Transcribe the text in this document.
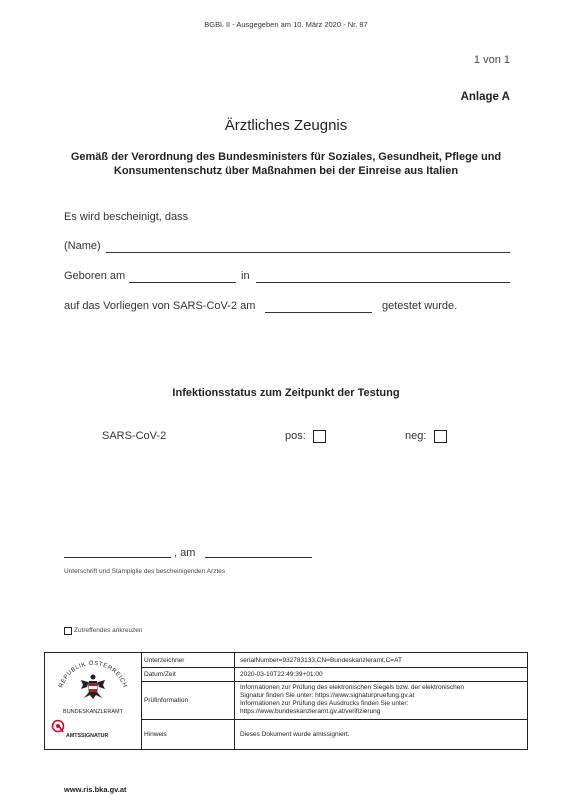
BGBl. II - Ausgegeben am 10. März 2020 - Nr. 87
1 von 1
Anlage A
Ärztliches Zeugnis
Gemäß der Verordnung des Bundesministers für Soziales, Gesundheit, Pflege und
Konsumentenschutz über Maßnahmen bei der Einreise aus Italien
Es wird bescheinigt, dass
(Name)
Geboren am	in
auf das Vorliegen von SARS-CoV-2 am	getestet wurde.
Infektionsstatus zum Zeitpunkt der Testung
SARS-CoV-2	pos:	neg:
, am
Unterschrift und Stampiglie des bescheinigenden Arztes
Zutreffendes ankreuzen
REPUBLIK ÖSTERREICH
BUNDESKANZLERAMT
AMTSSIGNATUR
Unterzeichner	serialNumber=932783133,CN=Bundeskanzleramt,C=AT
Datum/Zeit	2020-03-10T22:49:39+01:00
Prüfinformation
Informationen zur Prüfung des elektronischen Siegels bzw. der elektronischen
Signatur finden Sie unter: https://www.signaturpruefung.gv.at
Informationen zur Prüfung des Ausdrucks finden Sie unter:
https://www.bundeskanzleramt.gv.at/verifizierung
Hinweis	Dieses Dokument wurde amtssigniert.
www.ris.bka.gv.at
